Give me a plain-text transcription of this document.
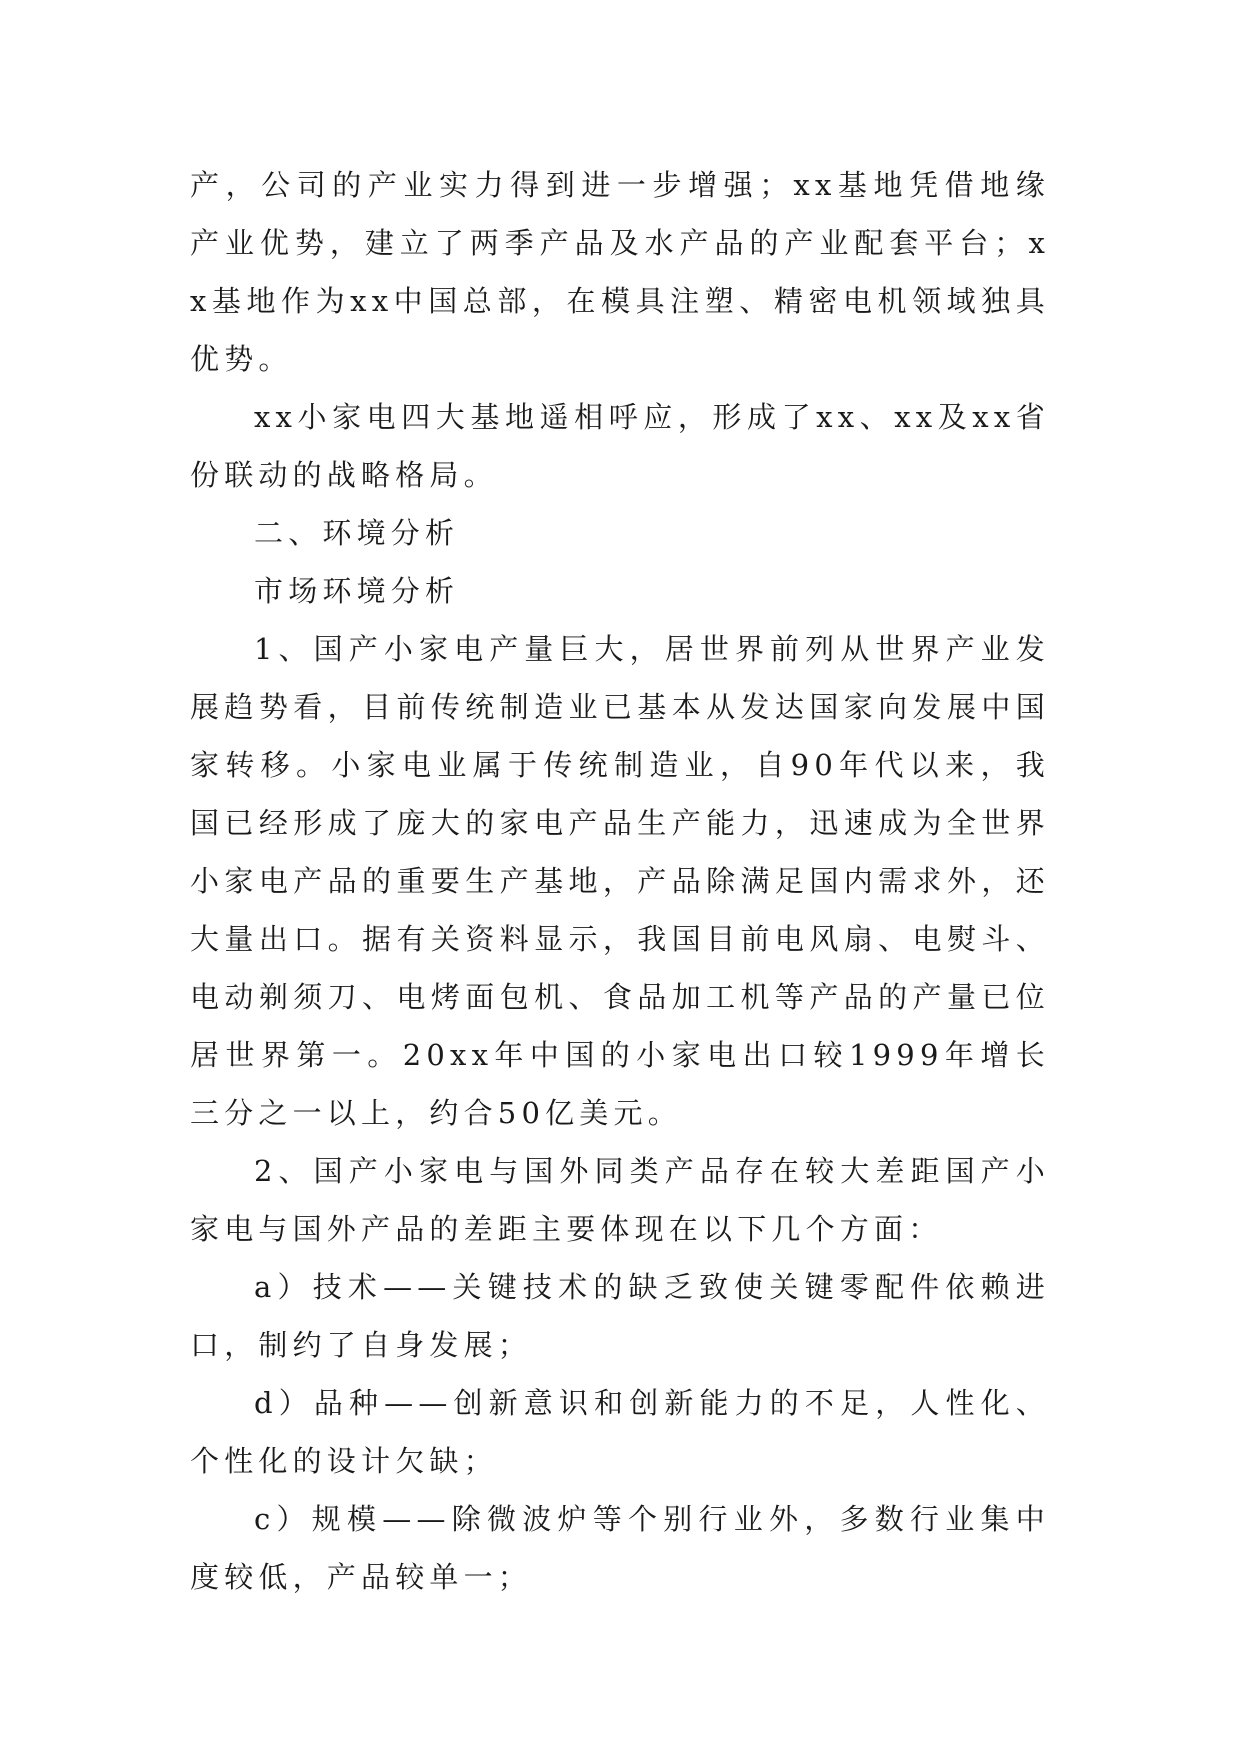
产，公司的产业实力得到进一步增强；xx基地凭借地缘产业优势，建立了两季产品及水产品的产业配套平台；xx基地作为xx中国总部，在模具注塑、精密电机领域独具优势。

xx小家电四大基地遥相呼应，形成了xx、xx及xx省份联动的战略格局。

二、环境分析

市场环境分析

1、国产小家电产量巨大，居世界前列从世界产业发展趋势看，目前传统制造业已基本从发达国家向发展中国家转移。小家电业属于传统制造业，自90年代以来，我国已经形成了庞大的家电产品生产能力，迅速成为全世界小家电产品的重要生产基地，产品除满足国内需求外，还大量出口。据有关资料显示，我国目前电风扇、电熨斗、电动剃须刀、电烤面包机、食品加工机等产品的产量已位居世界第一。20xx年中国的小家电出口较1999年增长三分之一以上，约合50亿美元。

2、国产小家电与国外同类产品存在较大差距国产小家电与国外产品的差距主要体现在以下几个方面：

a）技术——关键技术的缺乏致使关键零配件依赖进口，制约了自身发展；

d）品种——创新意识和创新能力的不足，人性化、个性化的设计欠缺；

c）规模——除微波炉等个别行业外，多数行业集中度较低，产品较单一；
